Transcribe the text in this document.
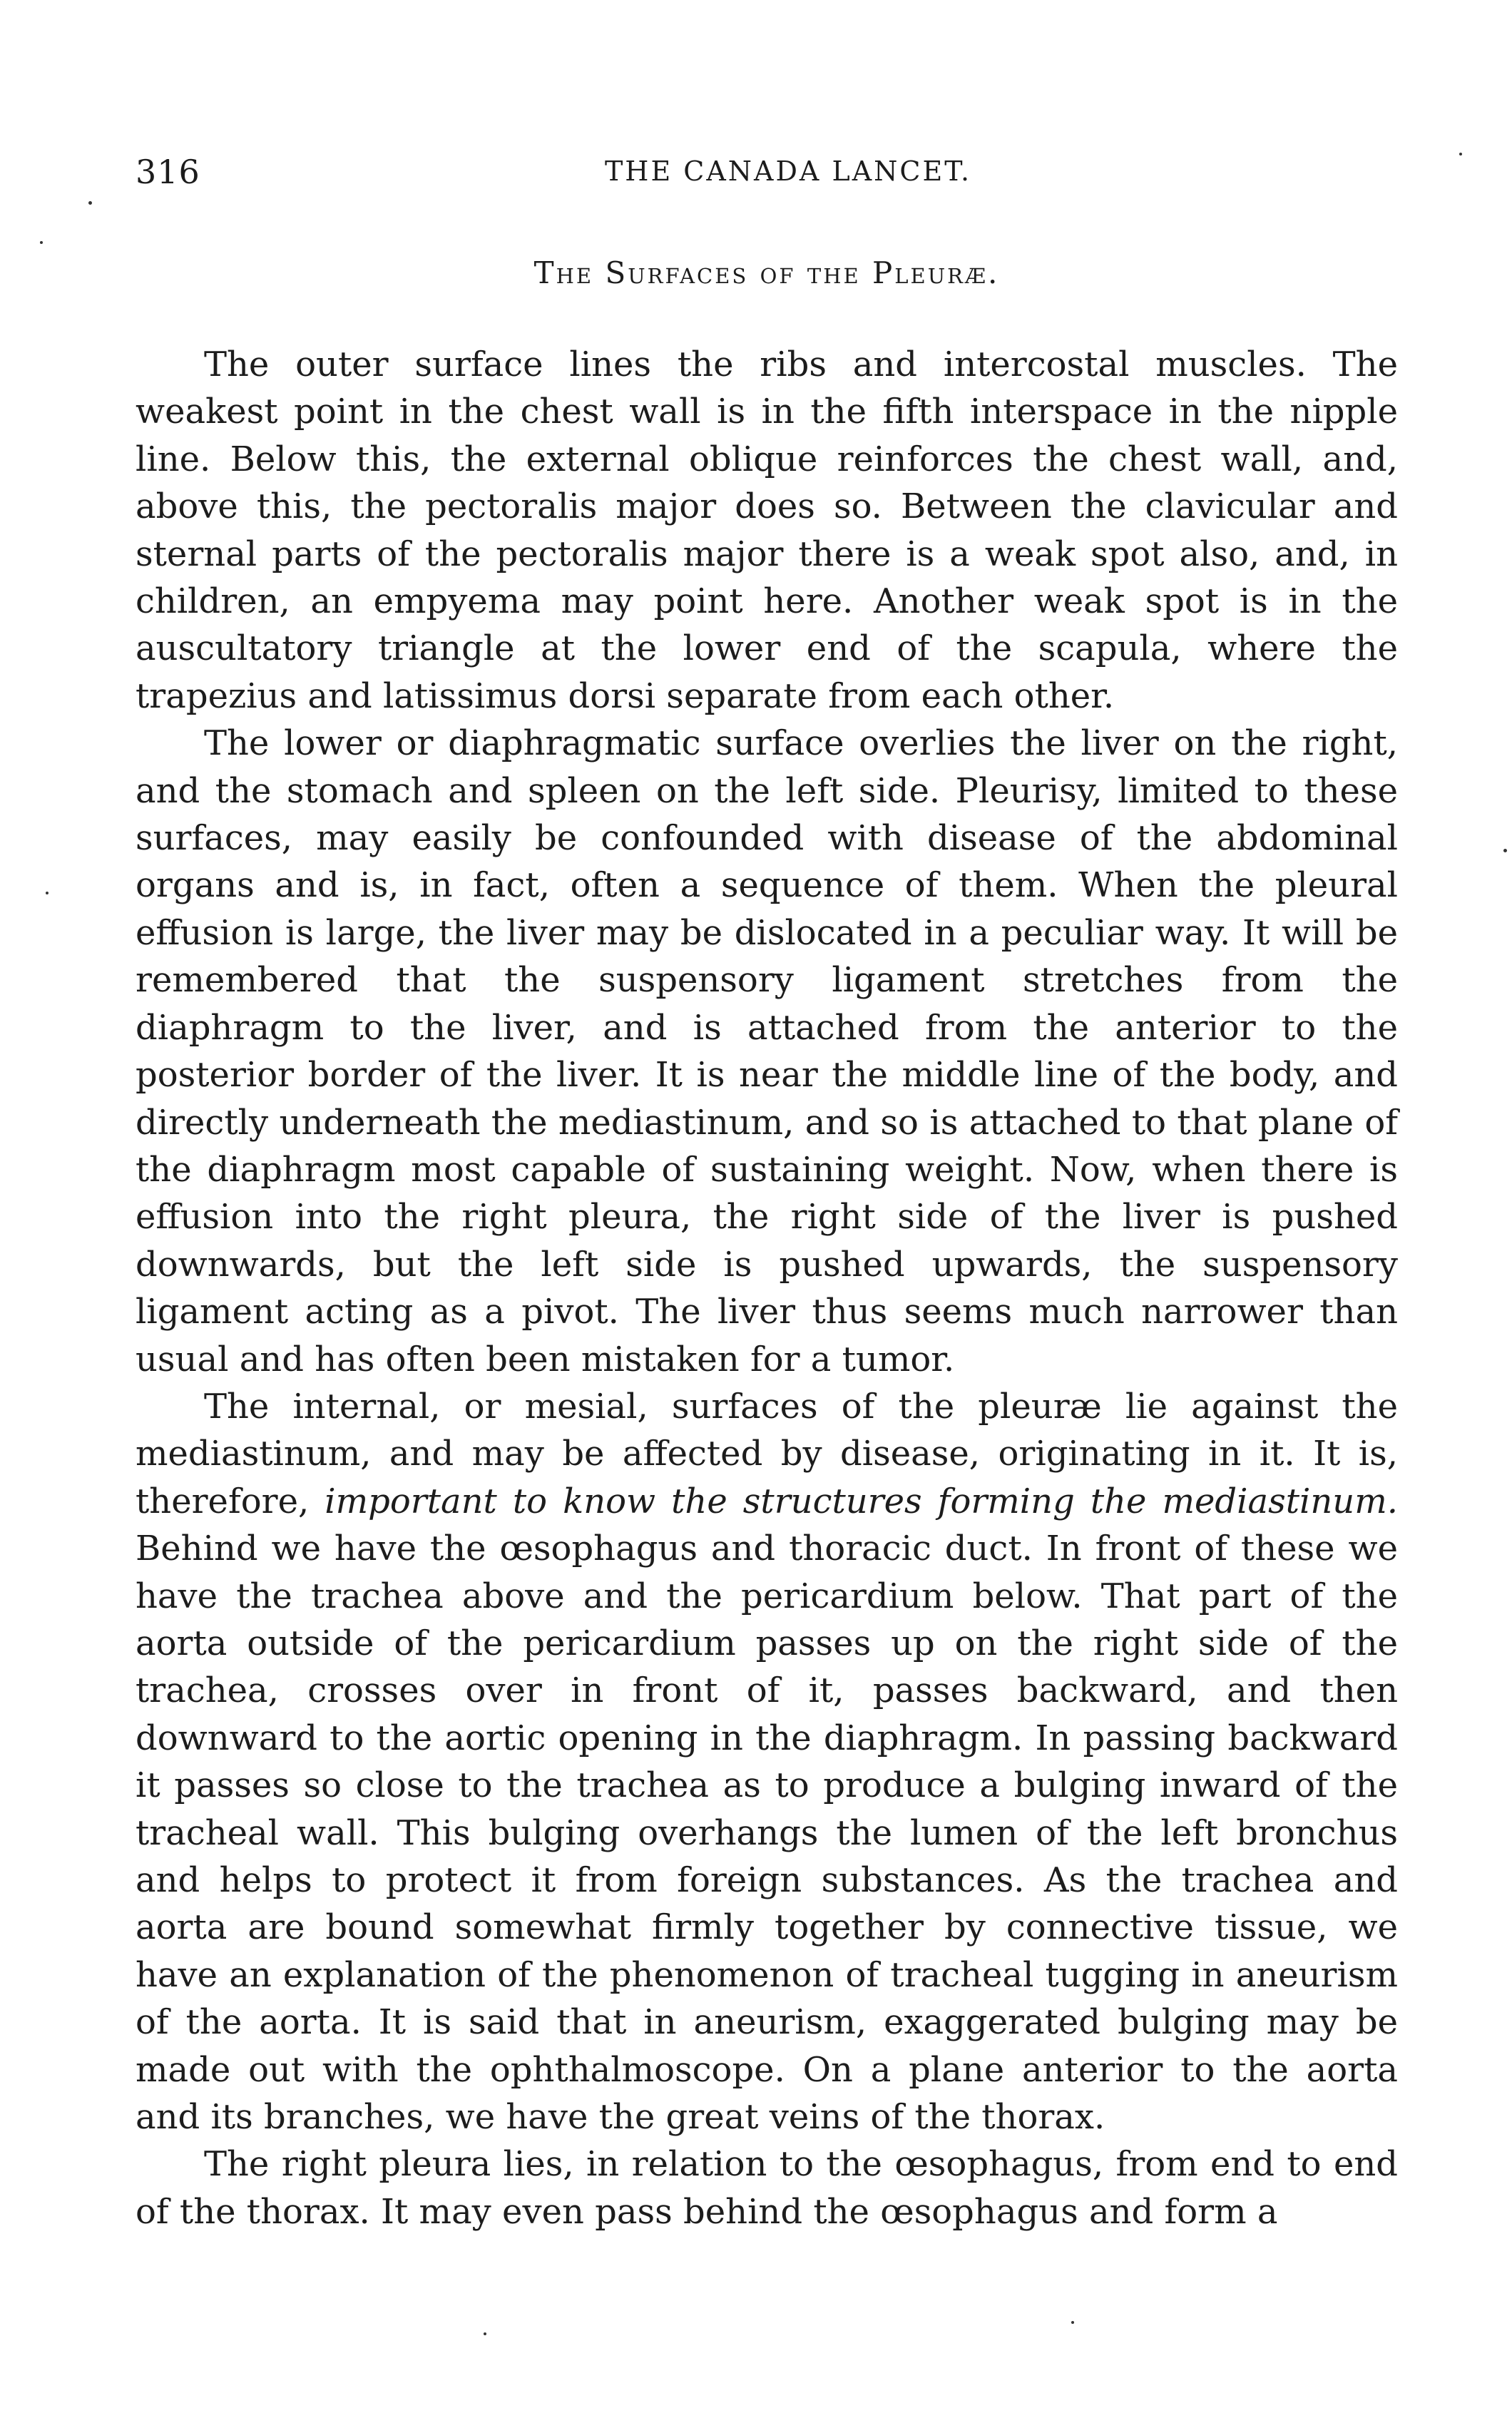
316	THE CANADA LANCET.
The Surfaces of the Pleuræ.

The outer surface lines the ribs and intercostal muscles. The weakest point in the chest wall is in the fifth interspace in the nipple line. Below this, the external oblique reinforces the chest wall, and, above this, the pectoralis major does so. Between the clavicular and sternal parts of the pectoralis major there is a weak spot also, and, in children, an empyema may point here. Another weak spot is in the auscultatory triangle at the lower end of the scapula, where the trapezius and latissimus dorsi separate from each other.

The lower or diaphragmatic surface overlies the liver on the right, and the stomach and spleen on the left side. Pleurisy, limited to these surfaces, may easily be confounded with disease of the abdominal organs and is, in fact, often a sequence of them. When the pleural effusion is large, the liver may be dislocated in a peculiar way. It will be remembered that the suspensory ligament stretches from the diaphragm to the liver, and is attached from the anterior to the posterior border of the liver. It is near the middle line of the body, and directly underneath the mediastinum, and so is attached to that plane of the diaphragm most capable of sustaining weight. Now, when there is effusion into the right pleura, the right side of the liver is pushed downwards, but the left side is pushed upwards, the suspensory ligament acting as a pivot. The liver thus seems much narrower than usual and has often been mistaken for a tumor.

The internal, or mesial, surfaces of the pleuræ lie against the mediastinum, and may be affected by disease, originating in it. It is, therefore, important to know the structures forming the mediastinum. Behind we have the œsophagus and thoracic duct. In front of these we have the trachea above and the pericardium below. That part of the aorta outside of the pericardium passes up on the right side of the trachea, crosses over in front of it, passes backward, and then downward to the aortic opening in the diaphragm. In passing backward it passes so close to the trachea as to produce a bulging inward of the tracheal wall. This bulging overhangs the lumen of the left bronchus and helps to protect it from foreign substances. As the trachea and aorta are bound somewhat firmly together by connective tissue, we have an explanation of the phenomenon of tracheal tugging in aneurism of the aorta. It is said that in aneurism, exaggerated bulging may be made out with the ophthalmoscope. On a plane anterior to the aorta and its branches, we have the great veins of the thorax.

The right pleura lies, in relation to the œsophagus, from end to end of the thorax. It may even pass behind the œsophagus and form a
